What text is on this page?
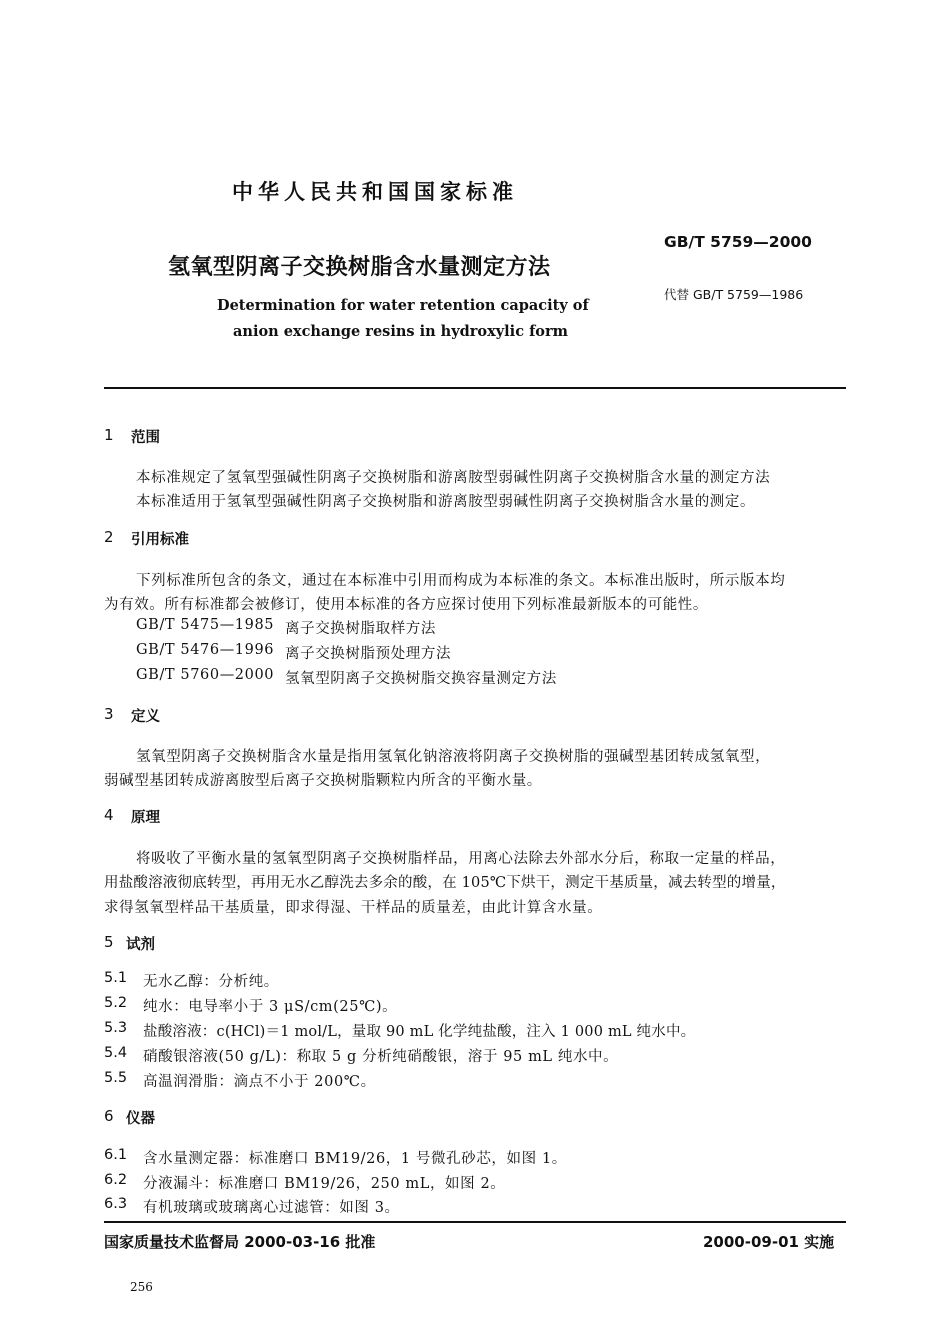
中华人民共和国国家标准
GB/T 5759—2000
氢氧型阴离子交换树脂含水量测定方法
代替 GB/T 5759—1986
Determination for water retention capacity of
anion exchange resins in hydroxylic form
1 范围
本标准规定了氢氧型强碱性阴离子交换树脂和游离胺型弱碱性阴离子交换树脂含水量的测定方法
本标准适用于氢氧型强碱性阴离子交换树脂和游离胺型弱碱性阴离子交换树脂含水量的测定。
2 引用标准
下列标准所包含的条文，通过在本标准中引用而构成为本标准的条文。本标准出版时，所示版本均
为有效。所有标准都会被修订，使用本标准的各方应探讨使用下列标准最新版本的可能性。
GB/T 5475—1985 离子交换树脂取样方法
GB/T 5476—1996 离子交换树脂预处理方法
GB/T 5760—2000 氢氧型阴离子交换树脂交换容量测定方法
3 定义
氢氧型阴离子交换树脂含水量是指用氢氧化钠溶液将阴离子交换树脂的强碱型基团转成氢氧型，
弱碱型基团转成游离胺型后离子交换树脂颗粒内所含的平衡水量。
4 原理
将吸收了平衡水量的氢氧型阴离子交换树脂样品，用离心法除去外部水分后，称取一定量的样品，
用盐酸溶液彻底转型，再用无水乙醇洗去多余的酸，在 105℃下烘干，测定干基质量，减去转型的增量，
求得氢氧型样品干基质量，即求得湿、干样品的质量差，由此计算含水量。
5 试剂
5.1 无水乙醇：分析纯。
5.2 纯水：电导率小于 3 μS/cm(25℃)。
5.3 盐酸溶液：c(HCl)＝1 mol/L，量取 90 mL 化学纯盐酸，注入 1 000 mL 纯水中。
5.4 硝酸银溶液(50 g/L)：称取 5 g 分析纯硝酸银，溶于 95 mL 纯水中。
5.5 高温润滑脂：滴点不小于 200℃。
6 仪器
6.1 含水量测定器：标准磨口 BM19/26，1 号微孔砂芯，如图 1。
6.2 分液漏斗：标准磨口 BM19/26，250 mL，如图 2。
6.3 有机玻璃或玻璃离心过滤管：如图 3。
国家质量技术监督局 2000-03-16 批准	2000-09-01 实施
256
